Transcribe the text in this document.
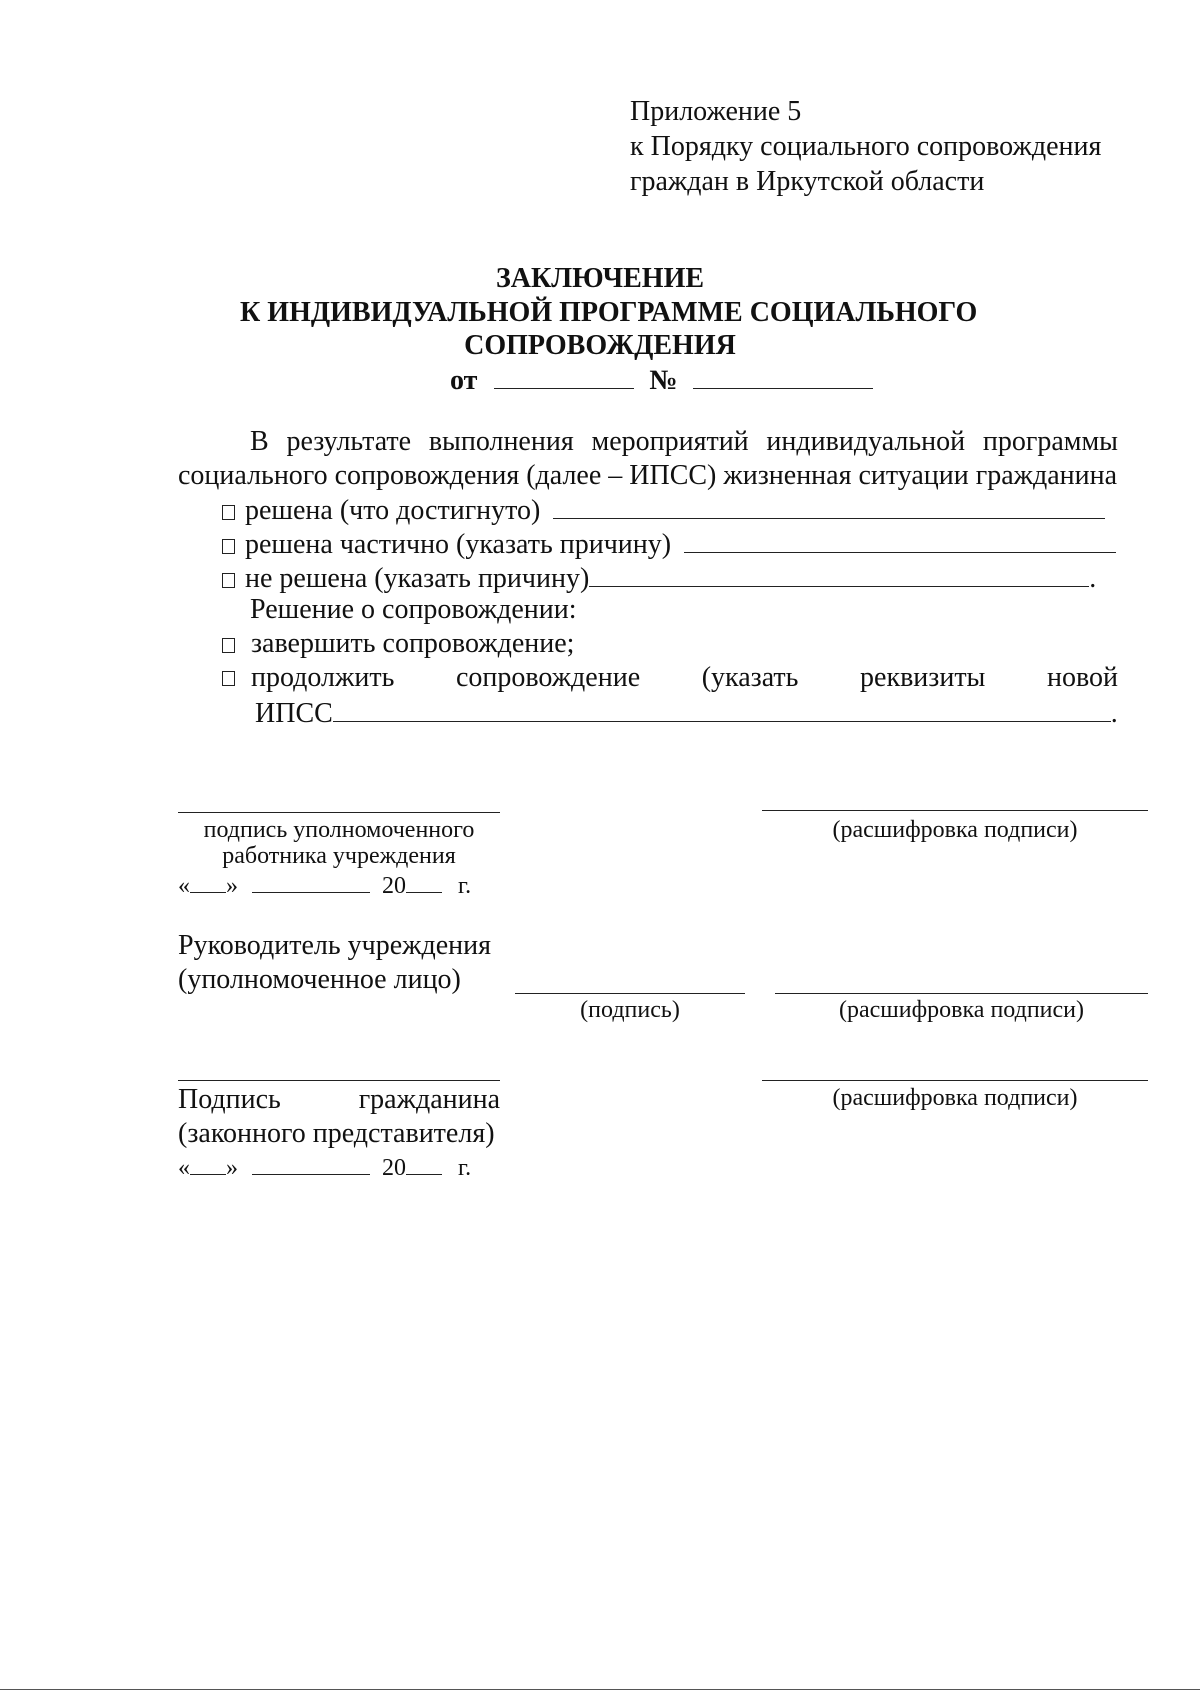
Приложение 5
к Порядку социального сопровождения
граждан в Иркутской области
ЗАКЛЮЧЕНИЕ
К ИНДИВИДУАЛЬНОЙ ПРОГРАММЕ СОЦИАЛЬНОГО
СОПРОВОЖДЕНИЯ
от	№
В результате выполнения мероприятий индивидуальной программы
социального сопровождения (далее – ИПСС) жизненная ситуации гражданина
решена (что достигнуто)
решена частично (указать причину)
не решена (указать причину)	.
Решение о сопровождении:
завершить сопровождение;
продолжить сопровождение (указать реквизиты новой
ИПСС	.
подпись уполномоченного
работника учреждения
(расшифровка подписи)
« »	20 г.
Руководитель учреждения
(уполномоченное лицо)
(подпись)	(расшифровка подписи)
(расшифровка подписи)
Подпись	гражданина
(законного представителя)
« »	20 г.
